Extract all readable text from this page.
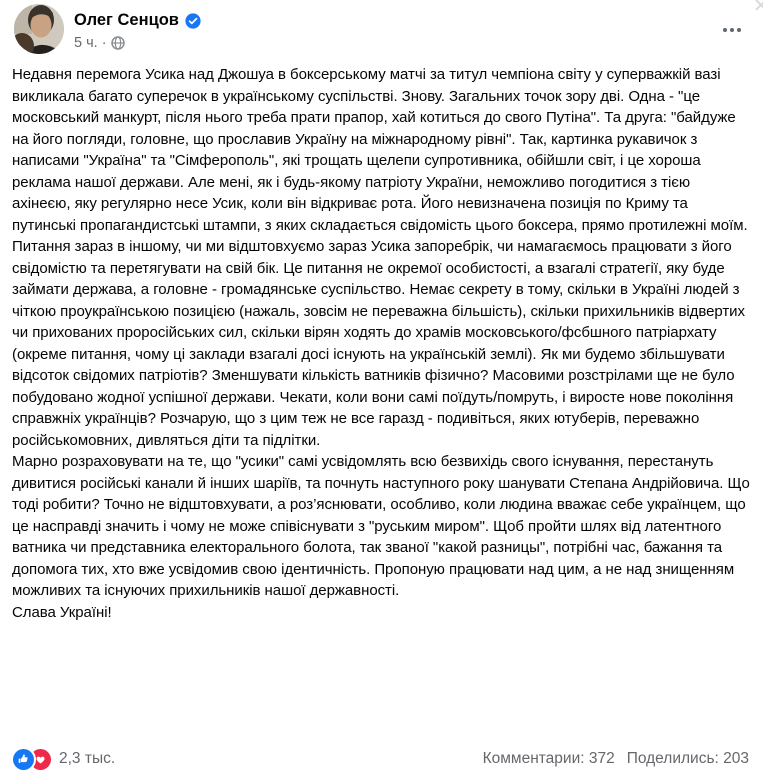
Олег Сенцов
5 ч. ·

Недавня перемога Усика над Джошуа в боксерському матчі за титул чемпіона світу у суперважкій вазі викликала багато суперечок в українському суспільстві. Знову. Загальних точок зору дві. Одна - "це московський манкурт, після нього треба прати прапор, хай котиться до свого Путіна". Та друга: "байдуже на його погляди, головне, що прославив Україну на міжнародному рівні". Так, картинка рукавичок з написами "Україна" та "Сімферополь", які трощать щелепи супротивника, обійшли світ, і це хороша реклама нашої держави. Але мені, як і будь-якому патріоту України, неможливо погодитися з тією ахінеєю, яку регулярно несе Усик, коли він відкриває рота. Його невизначена позиція по Криму та путинські пропагандистські штампи, з яких складається свідомість цього боксера, прямо протилежні моїм.

Питання зараз в іншому, чи ми відштовхуємо зараз Усика запоребрік, чи намагаємось працювати з його свідомістю та перетягувати на свій бік. Це питання не окремої особистості, а взагалі стратегії, яку буде займати держава, а головне - громадянське суспільство. Немає секрету в тому, скільки в Україні людей з чіткою проукраїнською позицією (нажаль, зовсім не переважна більшість), скільки прихильників відвертих чи прихованих проросійських сил, скільки вірян ходять до храмів московського/фсбшного патріархату (окреме питання, чому ці заклади взагалі досі існують на українській землі). Як ми будемо збільшувати відсоток свідомих патріотів? Зменшувати кількість ватників фізично? Масовими розстрілами ще не було побудовано жодної успішної держави. Чекати, коли вони самі поїдуть/помруть, і виросте нове покоління справжніх українців? Розчарую, що з цим теж не все гаразд - подивіться, яких ютуберів, переважно російськомовних, дивляться діти та підлітки.

Марно розраховувати на те, що "усики" самі усвідомлять всю безвихідь свого існування, перестануть дивитися російські канали й інших шаріїв, та почнуть наступного року шанувати Степана Андрійовича. Що тоді робити? Точно не відштовхувати, а роз’яснювати, особливо, коли людина вважає себе українцем, що це насправді значить і чому не може співіснувати з "руським миром". Щоб пройти шлях від латентного ватника чи представника електорального болота, так званої "какой разницы", потрібні час, бажання та допомога тих, хто вже усвідомив свою ідентичність. Пропоную працювати над цим, а не над знищенням можливих та існуючих прихильників нашої державності.

Слава Україні!

2,3 тыс.	Комментарии: 372 Поделились: 203
